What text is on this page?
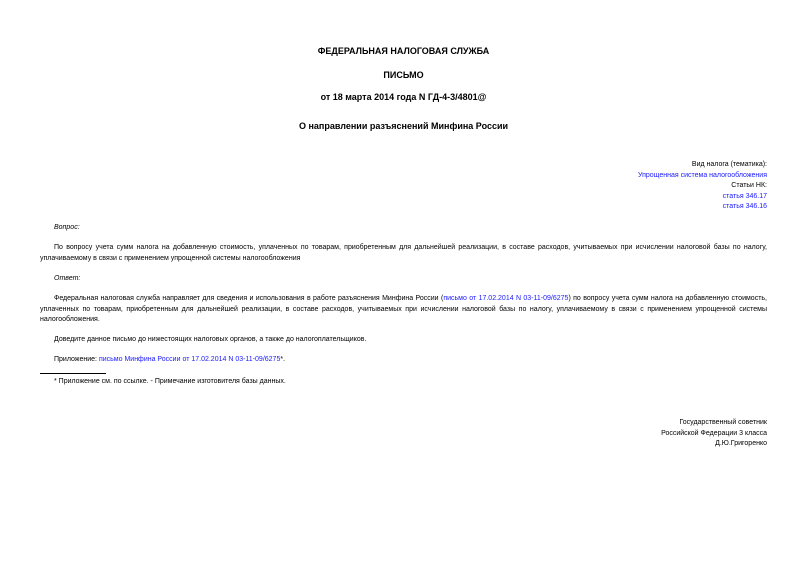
ФЕДЕРАЛЬНАЯ НАЛОГОВАЯ СЛУЖБА
ПИСЬМО
от 18 марта 2014 года N ГД-4-3/4801@
О направлении разъяснений Минфина России
Вид налога (тематика):
Упрощенная система налогообложения
Статьи НК:
статья 346.17
статья 346.16
Вопрос:
По вопросу учета сумм налога на добавленную стоимость, уплаченных по товарам, приобретенным для дальнейшей реализации, в составе расходов, учитываемых при исчислении налоговой базы по налогу, уплачиваемому в связи с применением упрощенной системы налогообложения
Ответ:
Федеральная налоговая служба направляет для сведения и использования в работе разъяснения Минфина России (письмо от 17.02.2014 N 03-11-09/6275) по вопросу учета сумм налога на добавленную стоимость, уплаченных по товарам, приобретенным для дальнейшей реализации, в составе расходов, учитываемых при исчислении налоговой базы по налогу, уплачиваемому в связи с применением упрощенной системы налогообложения.
Доведите данное письмо до нижестоящих налоговых органов, а также до налогоплательщиков.
Приложение: письмо Минфина России от 17.02.2014 N 03-11-09/6275*.
* Приложение см. по ссылке. - Примечание изготовителя базы данных.
Государственный советник
Российской Федерации 3 класса
Д.Ю.Григоренко
